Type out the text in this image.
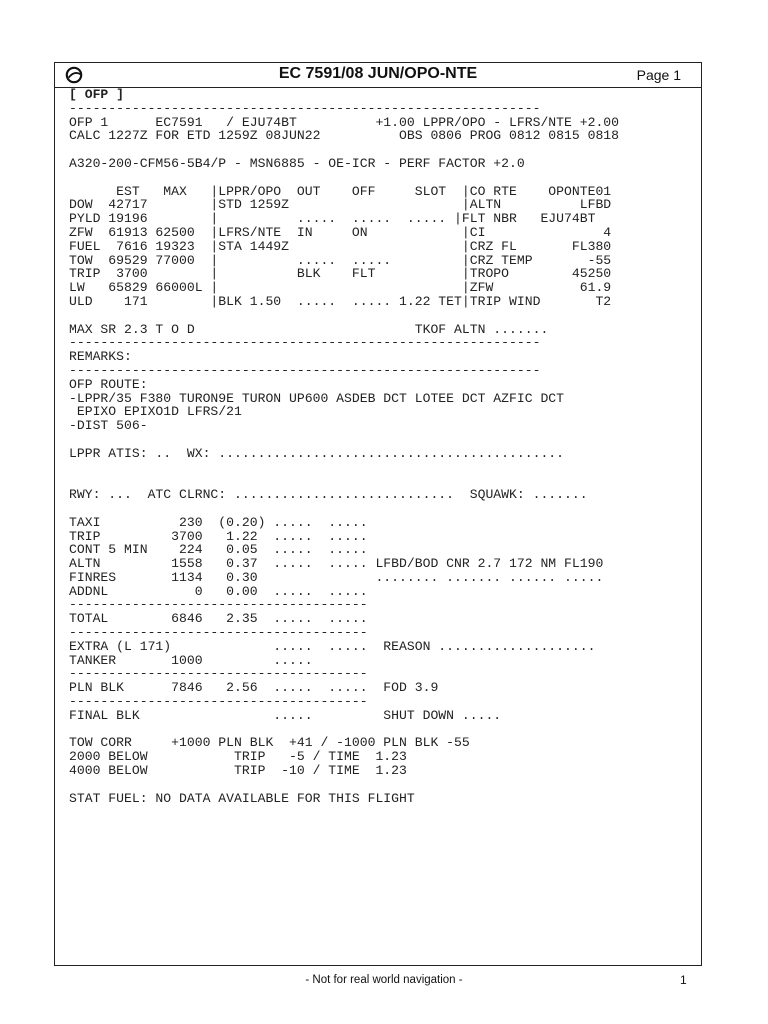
EC 7591/08 JUN/OPO-NTE	Page 1
[ OFP ]
------------------------------------------------------------
OFP 1      EC7591   / EJU74BT          +1.00 LPPR/OPO - LFRS/NTE +2.00
CALC 1227Z FOR ETD 1259Z 08JUN22          OBS 0806 PROG 0812 0815 0818
A320-200-CFM56-5B4/P - MSN6885 - OE-ICR - PERF FACTOR +2.0
EST   MAX   |LPPR/OPO  OUT    OFF     SLOT  |CO RTE    OPONTE01
DOW  42717        |STD 1259Z                      |ALTN          LFBD
PYLD 19196        |          .....  .....  ..... |FLT NBR   EJU74BT
ZFW  61913 62500  |LFRS/NTE  IN     ON            |CI               4
FUEL  7616 19323  |STA 1449Z                      |CRZ FL       FL380
TOW  69529 77000  |          .....  .....         |CRZ TEMP       -55
TRIP  3700        |          BLK    FLT           |TROPO        45250
LW   65829 66000L |                               |ZFW           61.9
ULD    171        |BLK 1.50  .....  ..... 1.22 TET|TRIP WIND       T2
MAX SR 2.3 T O D                            TKOF ALTN .......
------------------------------------------------------------
REMARKS:
------------------------------------------------------------
OFP ROUTE:
-LPPR/35 F380 TURON9E TURON UP600 ASDEB DCT LOTEE DCT AZFIC DCT
EPIXO EPIXO1D LFRS/21
-DIST 506-
LPPR ATIS: ..  WX: ............................................
RWY: ...  ATC CLRNC: ............................  SQUAWK: .......
TAXI          230  (0.20) .....  .....
TRIP         3700   1.22  .....  .....
CONT 5 MIN    224   0.05  .....  .....
ALTN         1558   0.37  .....  ..... LFBD/BOD CNR 2.7 172 NM FL190
FINRES       1134   0.30               ........ ....... ...... .....
ADDNL           0   0.00  .....  .....
--------------------------------------
TOTAL        6846   2.35  .....  .....
--------------------------------------
EXTRA (L 171)             .....  .....  REASON ....................
TANKER       1000         .....
--------------------------------------
PLN BLK      7846   2.56  .....  .....  FOD 3.9
--------------------------------------
FINAL BLK                 .....         SHUT DOWN .....
TOW CORR     +1000 PLN BLK  +41 / -1000 PLN BLK -55
2000 BELOW           TRIP   -5 / TIME  1.23
4000 BELOW           TRIP  -10 / TIME  1.23
STAT FUEL: NO DATA AVAILABLE FOR THIS FLIGHT
- Not for real world navigation -	1
